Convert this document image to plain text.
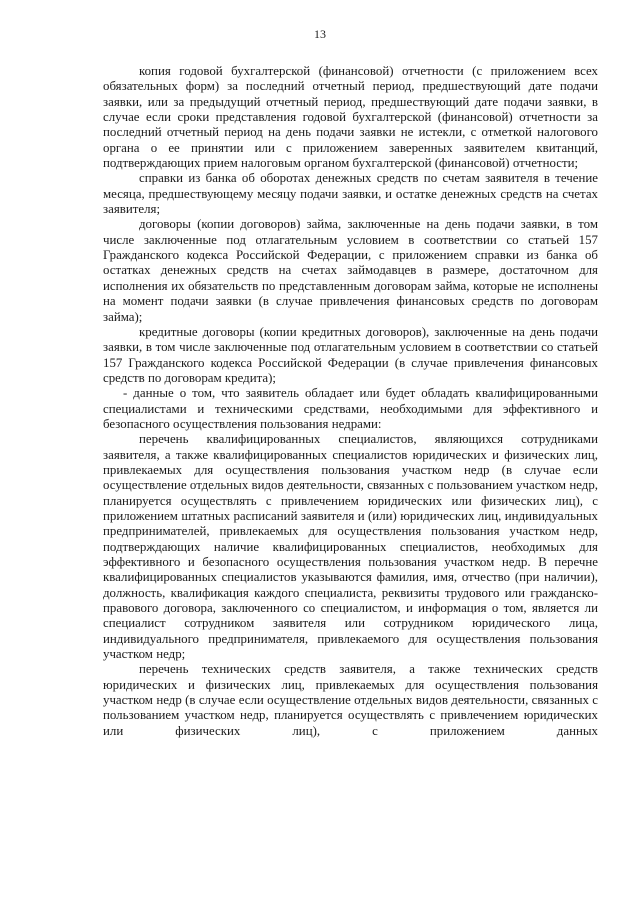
13

копия годовой бухгалтерской (финансовой) отчетности (с приложением всех обязательных форм) за последний отчетный период, предшествующий дате подачи заявки, или за предыдущий отчетный период, предшествующий дате подачи заявки, в случае если сроки представления годовой бухгалтерской (финансовой) отчетности за последний отчетный период на день подачи заявки не истекли, с отметкой налогового органа о ее принятии или с приложением заверенных заявителем квитанций, подтверждающих прием налоговым органом бухгалтерской (финансовой) отчетности;

справки из банка об оборотах денежных средств по счетам заявителя в течение месяца, предшествующему месяцу подачи заявки, и остатке денежных средств на счетах заявителя;

договоры (копии договоров) займа, заключенные на день подачи заявки, в том числе заключенные под отлагательным условием в соответствии со статьей 157 Гражданского кодекса Российской Федерации, с приложением справки из банка об остатках денежных средств на счетах займодавцев в размере, достаточном для исполнения их обязательств по представленным договорам займа, которые не исполнены на момент подачи заявки (в случае привлечения финансовых средств по договорам займа);

кредитные договоры (копии кредитных договоров), заключенные на день подачи заявки, в том числе заключенные под отлагательным условием в соответствии со статьей 157 Гражданского кодекса Российской Федерации (в случае привлечения финансовых средств по договорам кредита);

- данные о том, что заявитель обладает или будет обладать квалифицированными специалистами и техническими средствами, необходимыми для эффективного и безопасного осуществления пользования недрами:

перечень квалифицированных специалистов, являющихся сотрудниками заявителя, а также квалифицированных специалистов юридических и физических лиц, привлекаемых для осуществления пользования участком недр (в случае если осуществление отдельных видов деятельности, связанных с пользованием участком недр, планируется осуществлять с привлечением юридических или физических лиц), с приложением штатных расписаний заявителя и (или) юридических лиц, индивидуальных предпринимателей, привлекаемых для осуществления пользования участком недр, подтверждающих наличие квалифицированных специалистов, необходимых для эффективного и безопасного осуществления пользования участком недр. В перечне квалифицированных специалистов указываются фамилия, имя, отчество (при наличии), должность, квалификация каждого специалиста, реквизиты трудового или гражданско-правового договора, заключенного со специалистом, и информация о том, является ли специалист сотрудником заявителя или сотрудником юридического лица, индивидуального предпринимателя, привлекаемого для осуществления пользования участком недр;

перечень технических средств заявителя, а также технических средств юридических и физических лиц, привлекаемых для осуществления пользования участком недр (в случае если осуществление отдельных видов деятельности, связанных с пользованием участком недр, планируется осуществлять с привлечением юридических или физических лиц), с приложением данных
